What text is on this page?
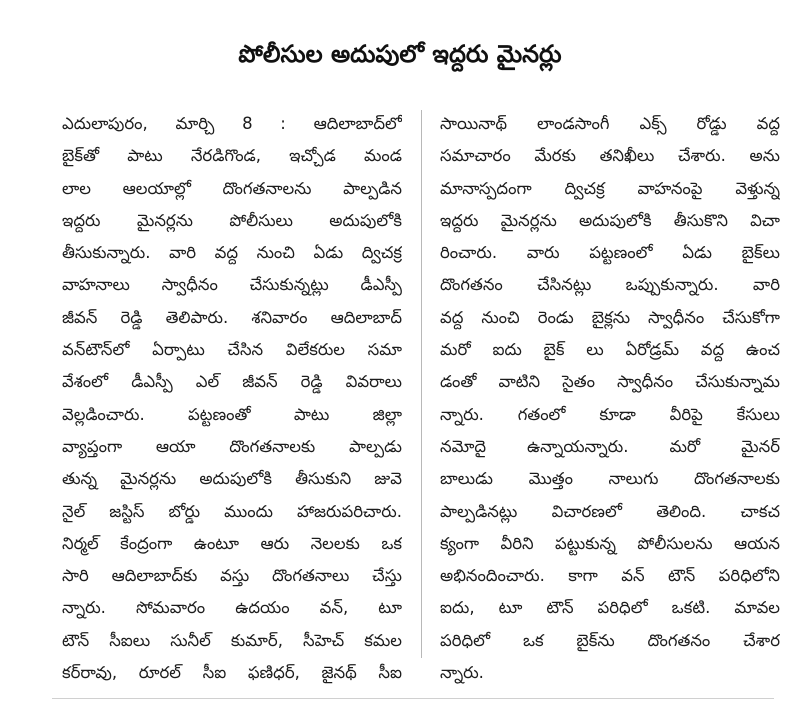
పోలీసుల అదుపులో ఇద్దరు మైనర్లు
ఎదులాపురం, మార్చి 8 : ఆదిలాబాద్‌లో
బైక్‌తో పాటు నేరడిగొండ, ఇచ్చోడ మండ
లాల ఆలయాల్లో దొంగతనాలను పాల్పడిన
ఇద్దరు మైనర్లను పోలీసులు అదుపులోకి
తీసుకున్నారు. వారి వద్ద నుంచి ఏడు ద్విచక్ర
వాహనాలు స్వాధీనం చేసుకున్నట్లు డీఎస్పీ
జీవన్ రెడ్డి తెలిపారు. శనివారం ఆదిలాబాద్
వన్‌టౌన్‌లో ఏర్పాటు చేసిన విలేకరుల సమా
వేశంలో డీఎస్పీ ఎల్ జీవన్ రెడ్డి వివరాలు
వెల్లడించారు. పట్టణంతో పాటు జిల్లా
వ్యాప్తంగా ఆయా దొంగతనాలకు పాల్పడు
తున్న మైనర్లను అదుపులోకి తీసుకుని జువె
నైల్ జస్టిస్ బోర్డు ముందు హాజరుపరిచారు.
నిర్మల్ కేంద్రంగా ఉంటూ ఆరు నెలలకు ఒక
సారి ఆదిలాబాద్‌కు వస్తు దొంగతనాలు చేస్తు
న్నారు. సోమవారం ఉదయం వన్, టూ
టౌన్ సీఐలు సునీల్ కుమార్, సీహెచ్ కమల
కర్‌రావు, రూరల్ సీఐ ఫణిధర్, జైనథ్ సీఐ
సాయినాథ్ లాండసాంగీ ఎక్స్ రోడ్డు వద్ద
సమాచారం మేరకు తనిఖీలు చేశారు. అను
మానాస్పదంగా ద్విచక్ర వాహనంపై వెళ్తున్న
ఇద్దరు మైనర్లను అదుపులోకి తీసుకొని విచా
రించారు. వారు పట్టణంలో ఏడు బైక్‌లు
దొంగతనం చేసినట్లు ఒప్పుకున్నారు. వారి
వద్ద నుంచి రెండు బైక్లను స్వాధీనం చేసుకోగా
మరో ఐదు బైక్ లు ఏరోడ్రమ్ వద్ద ఉంచ
డంతో వాటిని సైతం స్వాధీనం చేసుకున్నామ
న్నారు. గతంలో కూడా వీరిపై కేసులు
నమోదై ఉన్నాయన్నారు. మరో మైనర్
బాలుడు మొత్తం నాలుగు దొంగతనాలకు
పాల్పడినట్లు విచారణలో తెలింది. చాకచ
క్యంగా వీరిని పట్టుకున్న పోలీసులను ఆయన
అభినందించారు. కాగా వన్ టౌన్ పరిధిలోని
ఐదు, టూ టౌన్ పరిధిలో ఒకటి. మావల
పరిధిలో ఒక బైక్‌ను దొంగతనం చేశార
న్నారు.
